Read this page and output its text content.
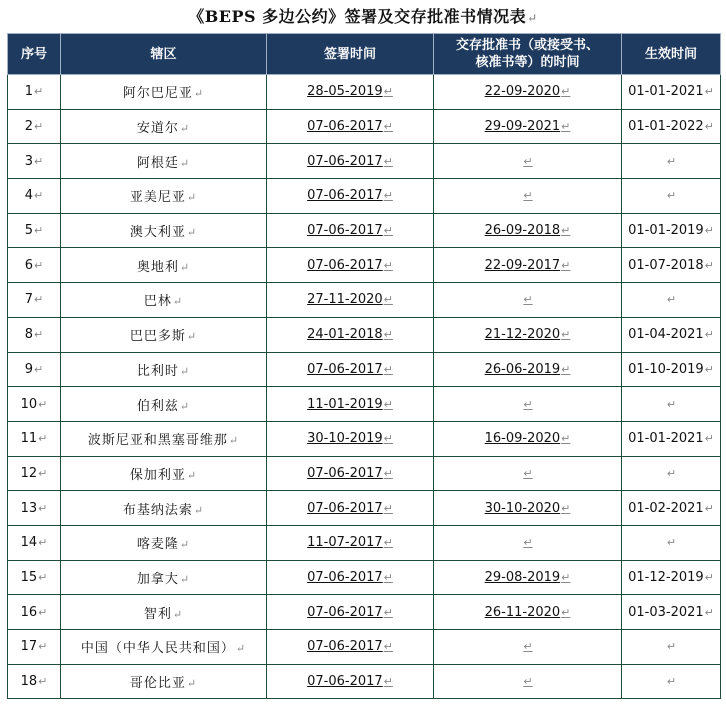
《BEPS 多边公约》签署及交存批准书情况表↵
序号	辖区	签署时间	交存批准书（或接受书、
核准书等）的时间	生效时间
1↵	阿尔巴尼亚↵	28-05-2019↵	22-09-2020↵	01-01-2021↵
2↵	安道尔↵	07-06-2017↵	29-09-2021↵	01-01-2022↵
3↵	阿根廷↵	07-06-2017↵	↵	↵
4↵	亚美尼亚↵	07-06-2017↵	↵	↵
5↵	澳大利亚↵	07-06-2017↵	26-09-2018↵	01-01-2019↵
6↵	奥地利↵	07-06-2017↵	22-09-2017↵	01-07-2018↵
7↵	巴林↵	27-11-2020↵	↵	↵
8↵	巴巴多斯↵	24-01-2018↵	21-12-2020↵	01-04-2021↵
9↵	比利时↵	07-06-2017↵	26-06-2019↵	01-10-2019↵
10↵	伯利兹↵	11-01-2019↵	↵	↵
11↵	波斯尼亚和黑塞哥维那↵	30-10-2019↵	16-09-2020↵	01-01-2021↵
12↵	保加利亚↵	07-06-2017↵	↵	↵
13↵	布基纳法索↵	07-06-2017↵	30-10-2020↵	01-02-2021↵
14↵	喀麦隆↵	11-07-2017↵	↵	↵
15↵	加拿大↵	07-06-2017↵	29-08-2019↵	01-12-2019↵
16↵	智利↵	07-06-2017↵	26-11-2020↵	01-03-2021↵
17↵	中国（中华人民共和国）↵	07-06-2017↵	↵	↵
18↵	哥伦比亚↵	07-06-2017↵	↵	↵
